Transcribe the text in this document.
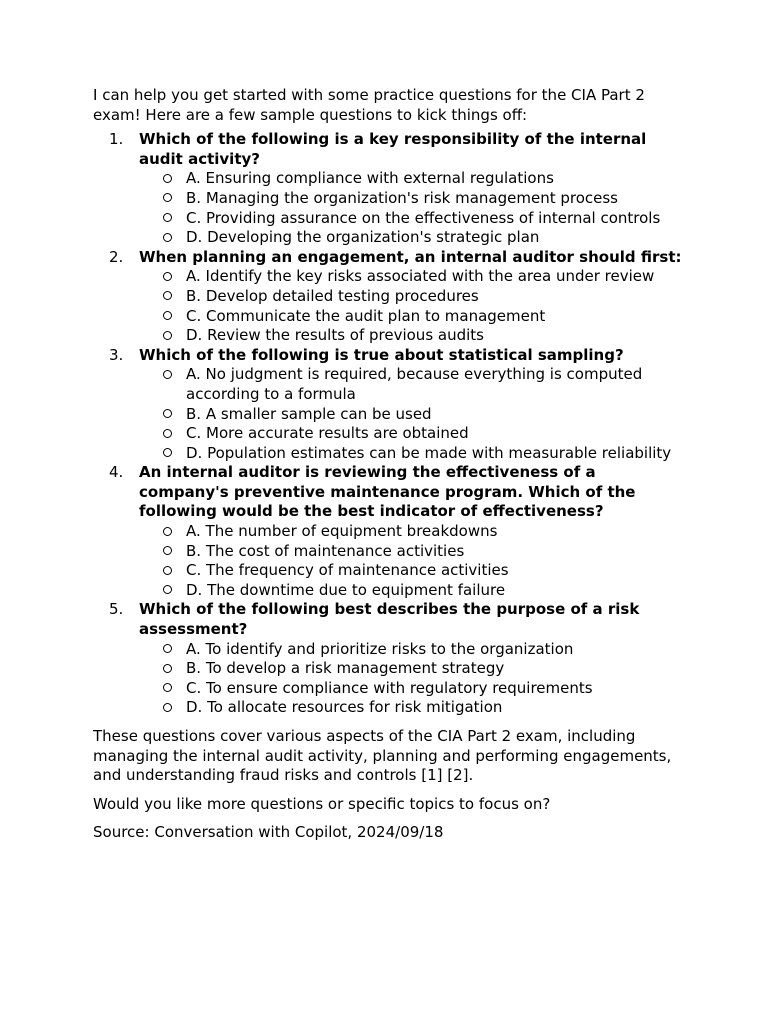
I can help you get started with some practice questions for the CIA Part 2 exam! Here are a few sample questions to kick things off:

1.	Which of the following is a key responsibility of the internal audit activity?
A. Ensuring compliance with external regulations
B. Managing the organization's risk management process
C. Providing assurance on the effectiveness of internal controls
D. Developing the organization's strategic plan
2.	When planning an engagement, an internal auditor should first:
A. Identify the key risks associated with the area under review
B. Develop detailed testing procedures
C. Communicate the audit plan to management
D. Review the results of previous audits
3.	Which of the following is true about statistical sampling?
A. No judgment is required, because everything is computed according to a formula
B. A smaller sample can be used
C. More accurate results are obtained
D. Population estimates can be made with measurable reliability
4.	An internal auditor is reviewing the effectiveness of a company's preventive maintenance program. Which of the following would be the best indicator of effectiveness?
A. The number of equipment breakdowns
B. The cost of maintenance activities
C. The frequency of maintenance activities
D. The downtime due to equipment failure
5.	Which of the following best describes the purpose of a risk assessment?
A. To identify and prioritize risks to the organization
B. To develop a risk management strategy
C. To ensure compliance with regulatory requirements
D. To allocate resources for risk mitigation

These questions cover various aspects of the CIA Part 2 exam, including managing the internal audit activity, planning and performing engagements, and understanding fraud risks and controls [1] [2].

Would you like more questions or specific topics to focus on?

Source: Conversation with Copilot, 2024/09/18
